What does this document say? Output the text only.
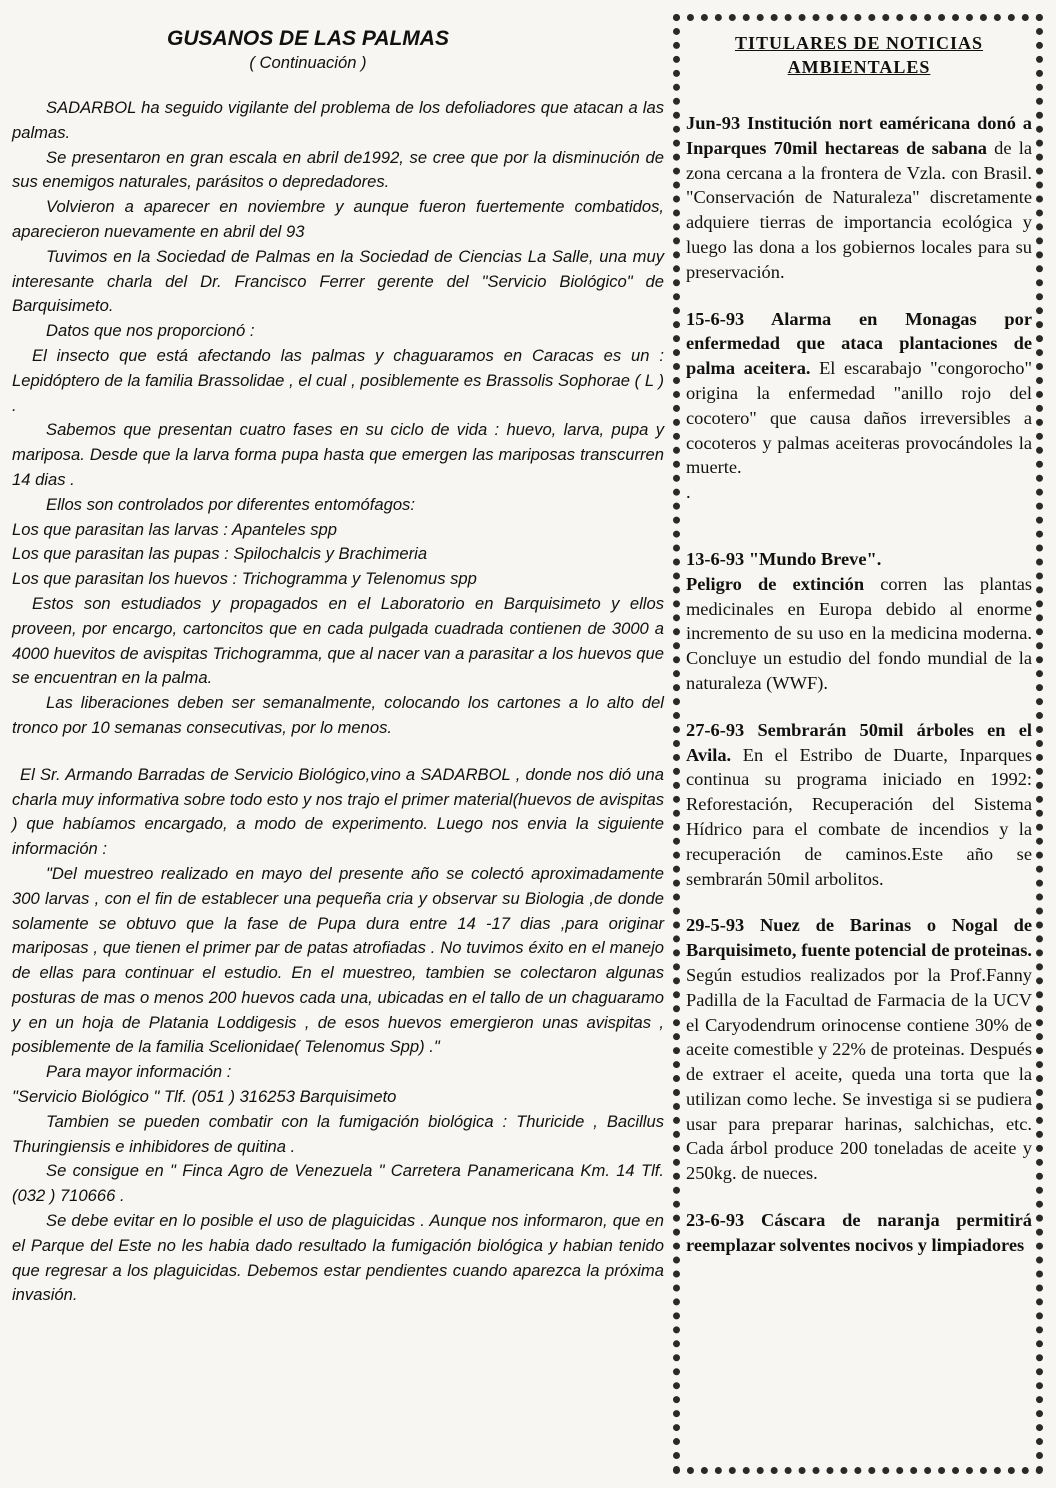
GUSANOS DE LAS PALMAS
( Continuación )

SADARBOL ha seguido vigilante del problema de los defoliadores que atacan a las palmas.

Se presentaron en gran escala en abril de1992, se cree que por la disminución de sus enemigos naturales, parásitos o depredadores.

Volvieron a aparecer en noviembre y aunque fueron fuertemente combatidos, aparecieron nuevamente en abril del 93

Tuvimos en la Sociedad de Palmas en la Sociedad de Ciencias La Salle, una muy interesante charla del Dr. Francisco Ferrer gerente del "Servicio Biológico" de Barquisimeto.

Datos que nos proporcionó :

El insecto que está afectando las palmas y chaguaramos en Caracas es un : Lepidóptero de la familia Brassolidae , el cual , posiblemente es Brassolis Sophorae ( L ) .

Sabemos que presentan cuatro fases en su ciclo de vida : huevo, larva, pupa y mariposa. Desde que la larva forma pupa hasta que emergen las mariposas transcurren 14 dias .

Ellos son controlados por diferentes entomófagos:

Los que parasitan las larvas : Apanteles spp

Los que parasitan las pupas : Spilochalcis y Brachimeria

Los que parasitan los huevos : Trichogramma y Telenomus spp

Estos son estudiados y propagados en el Laboratorio en Barquisimeto y ellos proveen, por encargo, cartoncitos que en cada pulgada cuadrada contienen de 3000 a 4000 huevitos de avispitas Trichogramma, que al nacer van a parasitar a los huevos que se encuentran en la palma.

Las liberaciones deben ser semanalmente, colocando los cartones a lo alto del tronco por 10 semanas consecutivas, por lo menos.

El Sr. Armando Barradas de Servicio Biológico,vino a SADARBOL , donde nos dió una charla muy informativa sobre todo esto y nos trajo el primer material(huevos de avispitas ) que habíamos encargado, a modo de experimento. Luego nos envia la siguiente información :

"Del muestreo realizado en mayo del presente año se colectó aproximadamente 300 larvas , con el fin de establecer una pequeña cria y observar su Biologia ,de donde solamente se obtuvo que la fase de Pupa dura entre 14 -17 dias ,para originar mariposas , que tienen el primer par de patas atrofiadas . No tuvimos éxito en el manejo de ellas para continuar el estudio. En el muestreo, tambien se colectaron algunas posturas de mas o menos 200 huevos cada una, ubicadas en el tallo de un chaguaramo y en un hoja de Platania Loddigesis , de esos huevos emergieron unas avispitas , posiblemente de la familia Scelionidae( Telenomus Spp) ."

Para mayor información :

"Servicio Biológico " Tlf. (051 ) 316253 Barquisimeto

Tambien se pueden combatir con la fumigación biológica : Thuricide , Bacillus Thuringiensis e inhibidores de quitina .

Se consigue en " Finca Agro de Venezuela " Carretera Panamericana Km. 14 Tlf. (032 ) 710666 .

Se debe evitar en lo posible el uso de plaguicidas . Aunque nos informaron, que en el Parque del Este no les habia dado resultado la fumigación biológica y habian tenido que regresar a los plaguicidas. Debemos estar pendientes cuando aparezca la próxima invasión.

TITULARES DE NOTICIAS
AMBIENTALES
Jun-93 Institución nort eaméricana donó a Inparques 70mil hectareas de sabana de la zona cercana a la frontera de Vzla. con Brasil. "Conservación de Naturaleza" discretamente adquiere tierras de importancia ecológica y luego las dona a los gobiernos locales para su preservación.
15-6-93 Alarma en Monagas por enfermedad que ataca plantaciones de palma aceitera. El escarabajo "congorocho" origina la enfermedad "anillo rojo del cocotero" que causa daños irreversibles a cocoteros y palmas aceiteras provocándoles la muerte.
.
13-6-93 "Mundo Breve".
Peligro de extinción corren las plantas medicinales en Europa debido al enorme incremento de su uso en la medicina moderna. Concluye un estudio del fondo mundial de la naturaleza (WWF).
27-6-93 Sembrarán 50mil árboles en el Avila. En el Estribo de Duarte, Inparques continua su programa iniciado en 1992: Reforestación, Recuperación del Sistema Hídrico para el combate de incendios y la recuperación de caminos.Este año se sembrarán 50mil arbolitos.
29-5-93 Nuez de Barinas o Nogal de Barquisimeto, fuente potencial de proteinas. Según estudios realizados por la Prof.Fanny Padilla de la Facultad de Farmacia de la UCV el Caryodendrum orinocense contiene 30% de aceite comestible y 22% de proteinas. Después de extraer el aceite, queda una torta que la utilizan como leche. Se investiga si se pudiera usar para preparar harinas, salchichas, etc. Cada árbol produce 200 toneladas de aceite y 250kg. de nueces.
23-6-93 Cáscara de naranja permitirá reemplazar solventes nocivos y limpiadores
